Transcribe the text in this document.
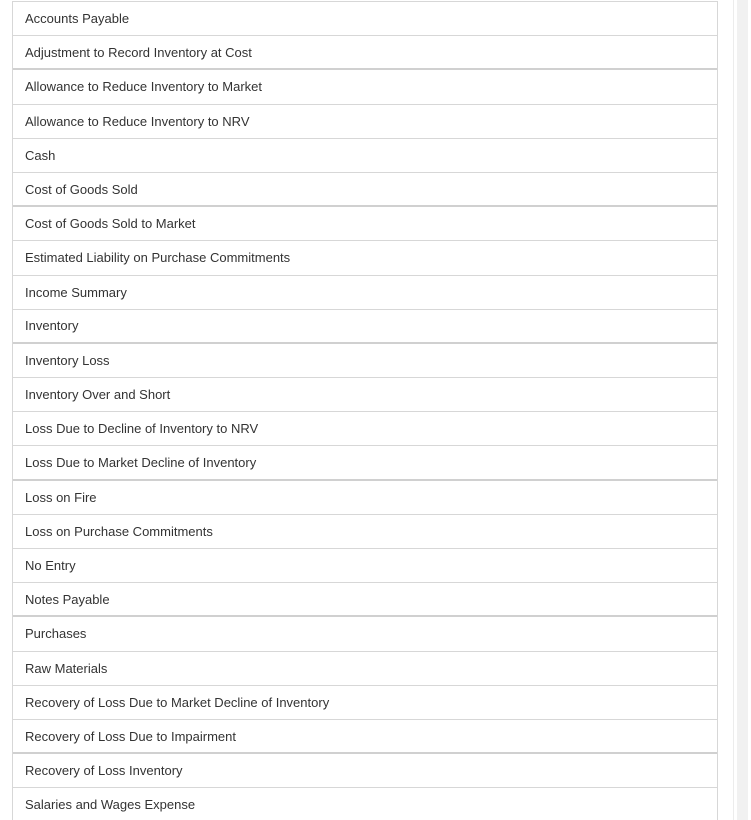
Accounts Payable
Adjustment to Record Inventory at Cost
Allowance to Reduce Inventory to Market
Allowance to Reduce Inventory to NRV
Cash
Cost of Goods Sold
Cost of Goods Sold to Market
Estimated Liability on Purchase Commitments
Income Summary
Inventory
Inventory Loss
Inventory Over and Short
Loss Due to Decline of Inventory to NRV
Loss Due to Market Decline of Inventory
Loss on Fire
Loss on Purchase Commitments
No Entry
Notes Payable
Purchases
Raw Materials
Recovery of Loss Due to Market Decline of Inventory
Recovery of Loss Due to Impairment
Recovery of Loss Inventory
Salaries and Wages Expense
